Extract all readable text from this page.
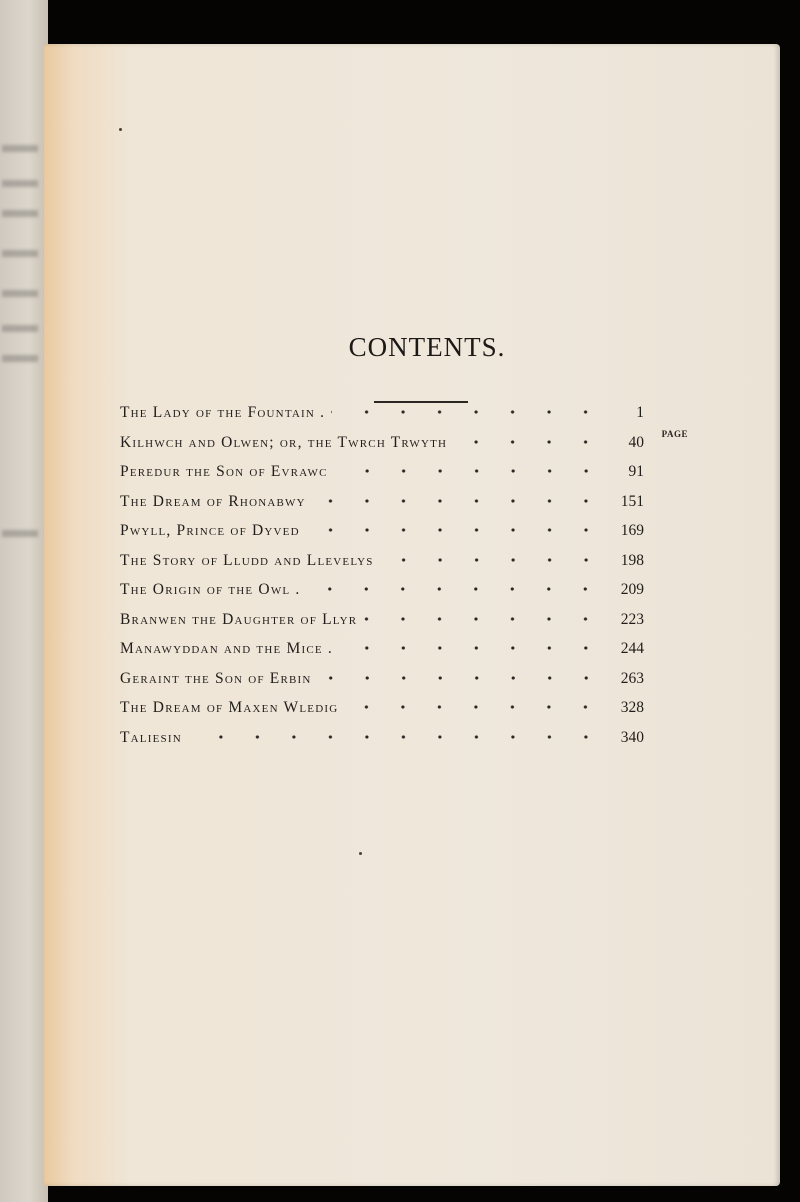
CONTENTS.
PAGE
The Lady of the Fountain .	1
Kilhwch and Olwen; or, the Twrch Trwyth	40
Peredur the Son of Evrawc	91
The Dream of Rhonabwy	151
Pwyll, Prince of Dyved	169
The Story of Lludd and Llevelys	198
The Origin of the Owl .	209
Branwen the Daughter of Llyr	223
Manawyddan and the Mice .	244
Geraint the Son of Erbin	263
The Dream of Maxen Wledig	328
Taliesin	340
